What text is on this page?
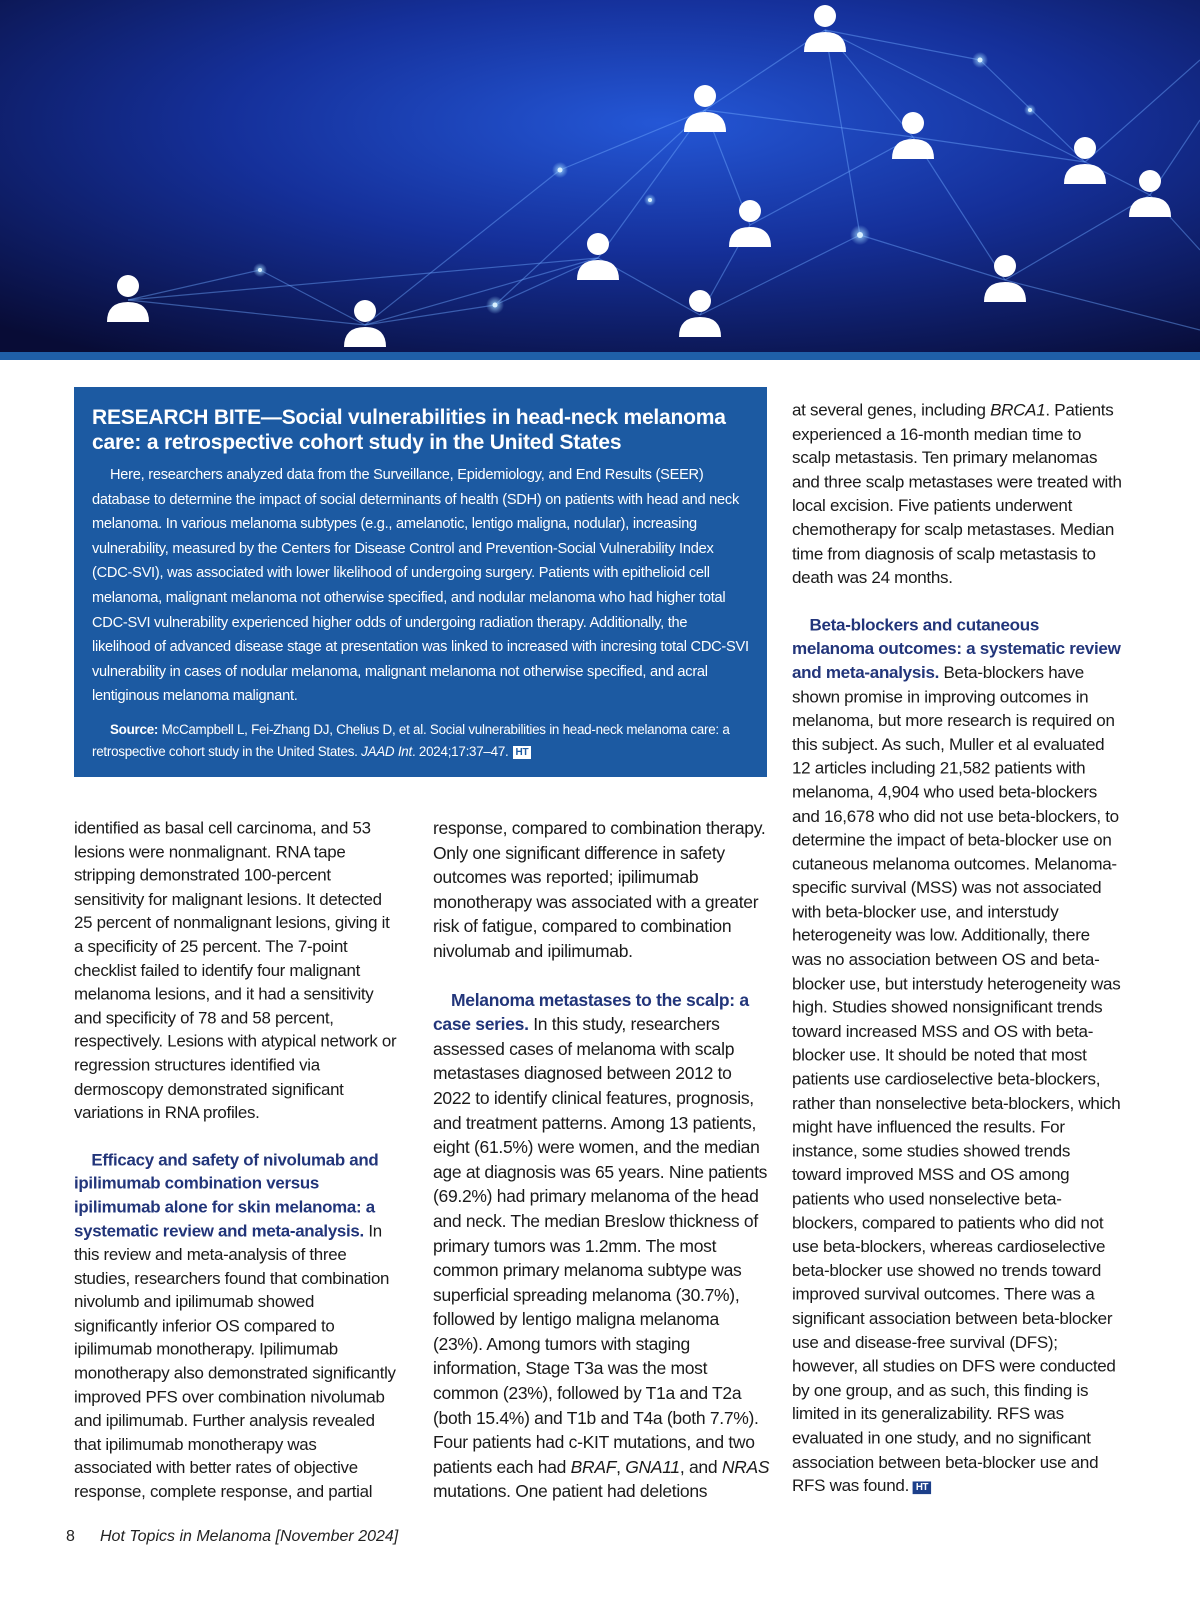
RESEARCH BITE—Social vulnerabilities in head-neck melanoma care: a retrospective cohort study in the United States

Here, researchers analyzed data from the Surveillance, Epidemiology, and End Results (SEER) database to determine the impact of social determinants of health (SDH) on patients with head and neck melanoma. In various melanoma subtypes (e.g., amelanotic, lentigo maligna, nodular), increasing vulnerability, measured by the Centers for Disease Control and Prevention-Social Vulnerability Index (CDC-SVI), was associated with lower likelihood of undergoing surgery. Patients with epithelioid cell melanoma, malignant melanoma not otherwise specified, and nodular melanoma who had higher total CDC-SVI vulnerability experienced higher odds of undergoing radiation therapy. Additionally, the likelihood of advanced disease stage at presentation was linked to increased with incresing total CDC-SVI vulnerability in cases of nodular melanoma, malignant melanoma not otherwise specified, and acral lentiginous melanoma malignant.

Source: McCampbell L, Fei-Zhang DJ, Chelius D, et al. Social vulnerabilities in head-neck melanoma care: a retrospective cohort study in the United States. JAAD Int. 2024;17:37–47. HT

identified as basal cell carcinoma, and 53 lesions were nonmalignant. RNA tape stripping demonstrated 100-percent sensitivity for malignant lesions. It detected 25 percent of nonmalignant lesions, giving it a specificity of 25 percent. The 7-point checklist failed to identify four malignant melanoma lesions, and it had a sensitivity and specificity of 78 and 58 percent, respectively. Lesions with atypical network or regression structures identified via dermoscopy demonstrated significant variations in RNA profiles.

Efficacy and safety of nivolumab and ipilimumab combination versus ipilimumab alone for skin melanoma: a systematic review and meta-analysis. In this review and meta-analysis of three studies, researchers found that combination nivolumb and ipilimumab showed significantly inferior OS compared to ipilimumab monotherapy. Ipilimumab monotherapy also demonstrated significantly improved PFS over combination nivolumab and ipilimumab. Further analysis revealed that ipilimumab monotherapy was associated with better rates of objective response, complete response, and partial

response, compared to combination therapy. Only one significant difference in safety outcomes was reported; ipilimumab monotherapy was associated with a greater risk of fatigue, compared to combination nivolumab and ipilimumab.

Melanoma metastases to the scalp: a case series. In this study, researchers assessed cases of melanoma with scalp metastases diagnosed between 2012 to 2022 to identify clinical features, prognosis, and treatment patterns. Among 13 patients, eight (61.5%) were women, and the median age at diagnosis was 65 years. Nine patients (69.2%) had primary melanoma of the head and neck. The median Breslow thickness of primary tumors was 1.2mm. The most common primary melanoma subtype was superficial spreading melanoma (30.7%), followed by lentigo maligna melanoma (23%). Among tumors with staging information, Stage T3a was the most common (23%), followed by T1a and T2a (both 15.4%) and T1b and T4a (both 7.7%). Four patients had c-KIT mutations, and two patients each had BRAF, GNA11, and NRAS mutations. One patient had deletions

at several genes, including BRCA1. Patients experienced a 16-month median time to scalp metastasis. Ten primary melanomas and three scalp metastases were treated with local excision. Five patients underwent chemotherapy for scalp metastases. Median time from diagnosis of scalp metastasis to death was 24 months.

Beta-blockers and cutaneous melanoma outcomes: a systematic review and meta-analysis. Beta-blockers have shown promise in improving outcomes in melanoma, but more research is required on this subject. As such, Muller et al evaluated 12 articles including 21,582 patients with melanoma, 4,904 who used beta-blockers and 16,678 who did not use beta-blockers, to determine the impact of beta-blocker use on cutaneous melanoma outcomes. Melanoma-specific survival (MSS) was not associated with beta-blocker use, and interstudy heterogeneity was low. Additionally, there was no association between OS and beta-blocker use, but interstudy heterogeneity was high. Studies showed nonsignificant trends toward increased MSS and OS with beta-blocker use. It should be noted that most patients use cardioselective beta-blockers, rather than nonselective beta-blockers, which might have influenced the results. For instance, some studies showed trends toward improved MSS and OS among patients who used nonselective beta-blockers, compared to patients who did not use beta-blockers, whereas cardioselective beta-blocker use showed no trends toward improved survival outcomes. There was a significant association between beta-blocker use and disease-free survival (DFS); however, all studies on DFS were conducted by one group, and as such, this finding is limited in its generalizability. RFS was evaluated in one study, and no significant association between beta-blocker use and RFS was found. HT

8 Hot Topics in Melanoma [November 2024]
